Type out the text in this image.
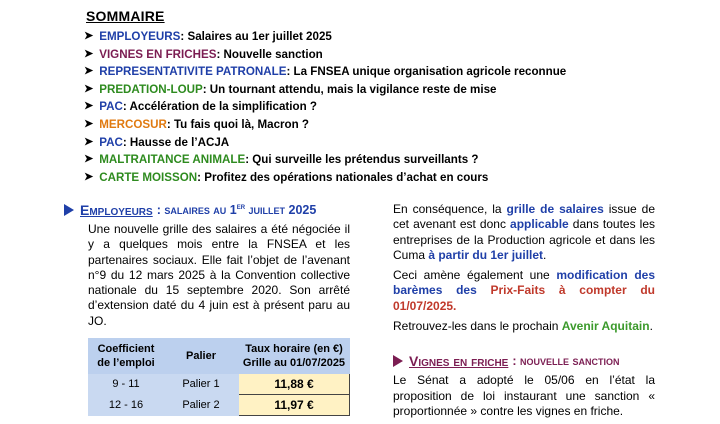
SOMMAIRE
➤ EMPLOYEURS : Salaires au 1er juillet 2025
➤ VIGNES EN FRICHES : Nouvelle sanction
➤ REPRESENTATIVITE PATRONALE : La FNSEA unique organisation agricole reconnue
➤ PREDATION-LOUP : Un tournant attendu, mais la vigilance reste de mise
➤ PAC : Accélération de la simplification ?
➤ MERCOSUR : Tu fais quoi là, Macron ?
➤ PAC : Hausse de l’ACJA
➤ MALTRAITANCE ANIMALE : Qui surveille les prétendus surveillants ?
➤ CARTE MOISSON : Profitez des opérations nationales d’achat en cours
Employeurs : salaires au 1er juillet 2025

Une nouvelle grille des salaires a été négociée il y a quelques mois entre la FNSEA et les partenaires sociaux. Elle fait l’objet de l’avenant n°9 du 12 mars 2025 à la Convention collective nationale du 15 septembre 2020. Son arrêté d’extension daté du 4 juin est à présent paru au JO.

Coefficient de l’emploi	Palier	Taux horaire (en €) Grille au 01/07/2025
9 - 11	Palier 1	11,88 €
12 - 16	Palier 2	11,97 €

En conséquence, la grille de salaires issue de cet avenant est donc applicable dans toutes les entreprises de la Production agricole et dans les Cuma à partir du 1er juillet.

Ceci amène également une modification des barèmes des Prix-Faits à compter du 01/07/2025.

Retrouvez-les dans le prochain Avenir Aquitain.

Vignes en friche : nouvelle sanction

Le Sénat a adopté le 05/06 en l’état la proposition de loi instaurant une sanction « proportionnée » contre les vignes en friche.
